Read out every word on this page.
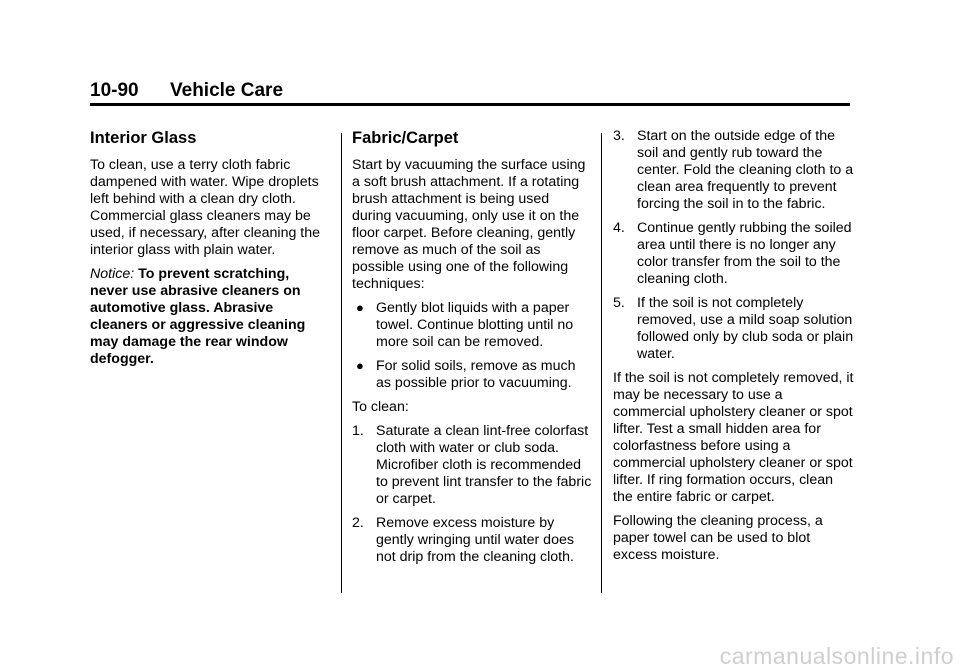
10-90 Vehicle Care
Interior Glass

To clean, use a terry cloth fabric dampened with water. Wipe droplets left behind with a clean dry cloth. Commercial glass cleaners may be used, if necessary, after cleaning the interior glass with plain water.

Notice: To prevent scratching, never use abrasive cleaners on automotive glass. Abrasive cleaners or aggressive cleaning may damage the rear window defogger.

Fabric/Carpet

Start by vacuuming the surface using a soft brush attachment. If a rotating brush attachment is being used during vacuuming, only use it on the floor carpet. Before cleaning, gently remove as much of the soil as possible using one of the following techniques:

● Gently blot liquids with a paper towel. Continue blotting until no more soil can be removed.
● For solid soils, remove as much as possible prior to vacuuming.

To clean:

1. Saturate a clean lint-free colorfast cloth with water or club soda. Microfiber cloth is recommended to prevent lint transfer to the fabric or carpet.
2. Remove excess moisture by gently wringing until water does not drip from the cleaning cloth.
3. Start on the outside edge of the soil and gently rub toward the center. Fold the cleaning cloth to a clean area frequently to prevent forcing the soil in to the fabric.
4. Continue gently rubbing the soiled area until there is no longer any color transfer from the soil to the cleaning cloth.
5. If the soil is not completely removed, use a mild soap solution followed only by club soda or plain water.

If the soil is not completely removed, it may be necessary to use a commercial upholstery cleaner or spot lifter. Test a small hidden area for colorfastness before using a commercial upholstery cleaner or spot lifter. If ring formation occurs, clean the entire fabric or carpet.

Following the cleaning process, a paper towel can be used to blot excess moisture.

carmanualsonline.info
